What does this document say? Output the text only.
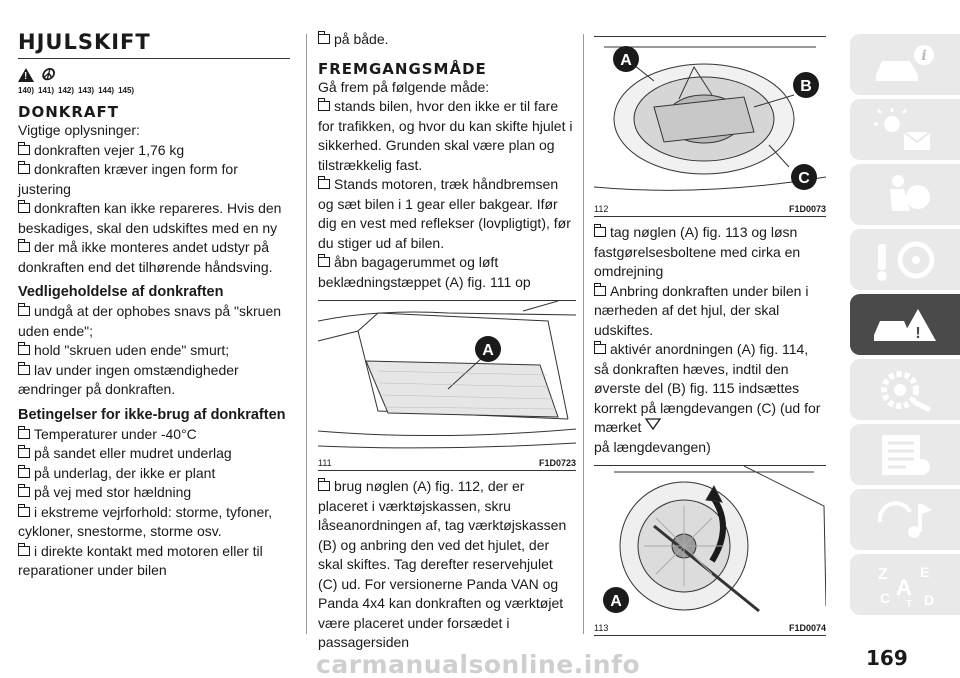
HJULSKIFT
! ☮
140) 141) 142) 143) 144) 145)
DONKRAFT

Vigtige oplysninger:

donkraften vejer 1,76 kg
donkraften kræver ingen form for justering
donkraften kan ikke repareres. Hvis den beskadiges, skal den udskiftes med en ny
der må ikke monteres andet udstyr på donkraften end det tilhørende håndsving.
Vedligeholdelse af donkraften
undgå at der ophobes snavs på "skruen uden ende";
hold "skruen uden ende" smurt;
lav under ingen omstændigheder ændringer på donkraften.
Betingelser for ikke-brug af donkraften
Temperaturer under -40°C
på sandet eller mudret underlag
på underlag, der ikke er plant
på vej med stor hældning
i ekstreme vejrforhold: storme, tyfoner, cykloner, snestorme, storme osv.
i direkte kontakt med motoren eller til reparationer under bilen
på både.
FREMGANGSMÅDE

Gå frem på følgende måde:

stands bilen, hvor den ikke er til fare for trafikken, og hvor du kan skifte hjulet i sikkerhed. Grunden skal være plan og tilstrækkelig fast.
Stands motoren, træk håndbremsen og sæt bilen i 1 gear eller bakgear. Ifør dig en vest med reflekser (lovpligtigt), før du stiger ud af bilen.
åbn bagagerummet og løft beklædningstæppet (A) fig. 111 op
A
111	F1D0723
brug nøglen (A) fig. 112, der er placeret i værktøjskassen, skru låseanordningen af, tag værktøjskassen (B) og anbring den ved det hjulet, der skal skiftes. Tag derefter reservehjulet (C) ud. For versionerne Panda VAN og Panda 4x4 kan donkraften og værktøjet være placeret under forsædet i passagersiden
A
B
C
112	F1D0073
tag nøglen (A) fig. 113 og løsn fastgørelsesboltene med cirka en omdrejning
Anbring donkraften under bilen i nærheden af det hjul, der skal udskiftes.
aktivér anordningen (A) fig. 114, så donkraften hæves, indtil den øverste del (B) fig. 115 indsættes korrekt på længdevangen (C) (ud for mærket
på længdevangen)
A
113	F1D0074
i
!
Z E
A
C D
T
169
carmanualsonline.info
